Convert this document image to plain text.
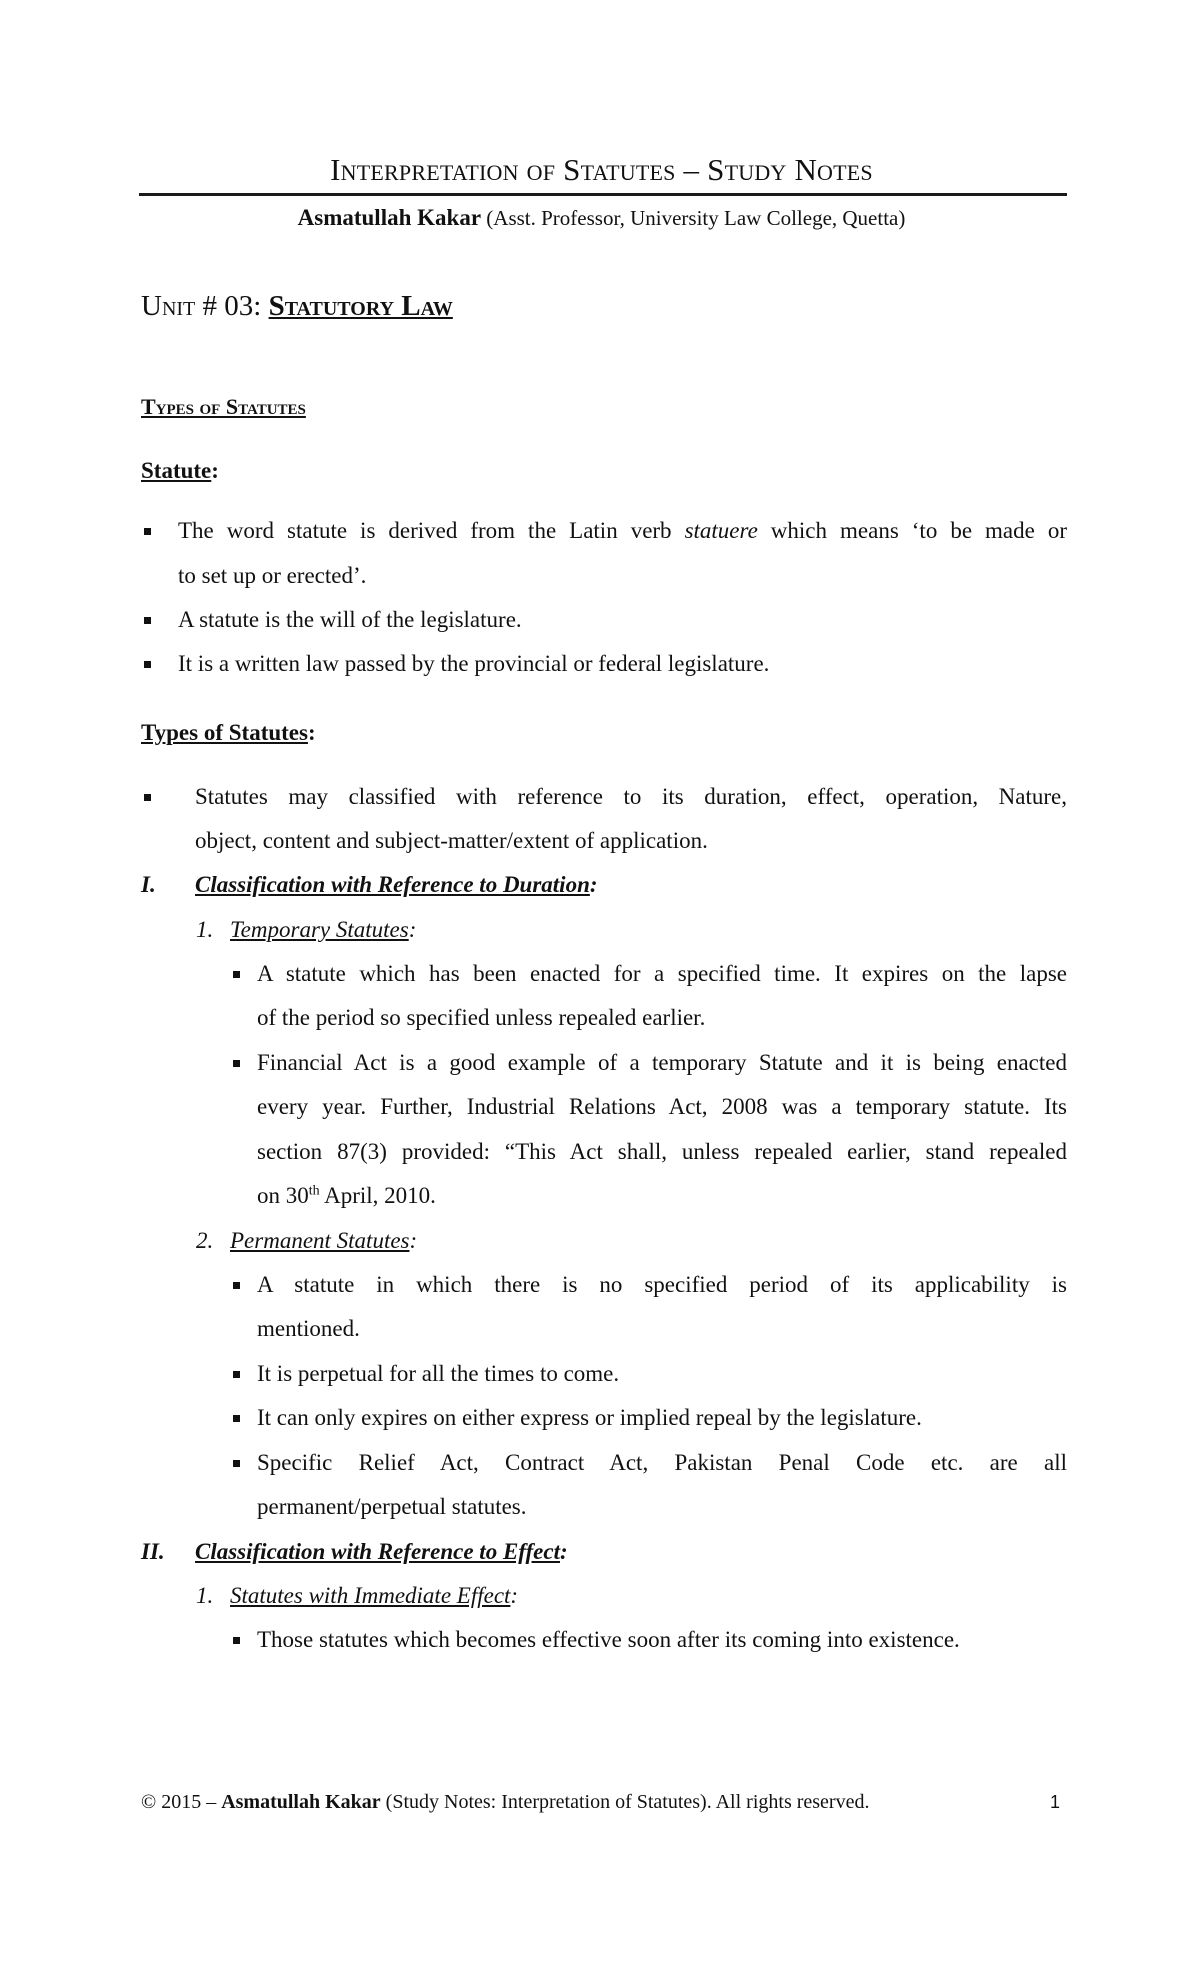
Interpretation of Statutes – Study Notes
Asmatullah Kakar (Asst. Professor, University Law College, Quetta)
Unit # 03: Statutory Law
Types of Statutes
Statute:
The word statute is derived from the Latin verb statuere which means ‘to be made or
to set up or erected’.
A statute is the will of the legislature.
It is a written law passed by the provincial or federal legislature.
Types of Statutes:
Statutes may classified with reference to its duration, effect, operation, Nature,
object, content and subject-matter/extent of application.
I. Classification with Reference to Duration:
1. Temporary Statutes:
A statute which has been enacted for a specified time. It expires on the lapse
of the period so specified unless repealed earlier.
Financial Act is a good example of a temporary Statute and it is being enacted
every year. Further, Industrial Relations Act, 2008 was a temporary statute. Its
section 87(3) provided: “This Act shall, unless repealed earlier, stand repealed
on 30th April, 2010.
2. Permanent Statutes:
A statute in which there is no specified period of its applicability is
mentioned.
It is perpetual for all the times to come.
It can only expires on either express or implied repeal by the legislature.
Specific Relief Act, Contract Act, Pakistan Penal Code etc. are all
permanent/perpetual statutes.
II. Classification with Reference to Effect:
1. Statutes with Immediate Effect:
Those statutes which becomes effective soon after its coming into existence.
© 2015 – Asmatullah Kakar (Study Notes: Interpretation of Statutes). All rights reserved.	1
